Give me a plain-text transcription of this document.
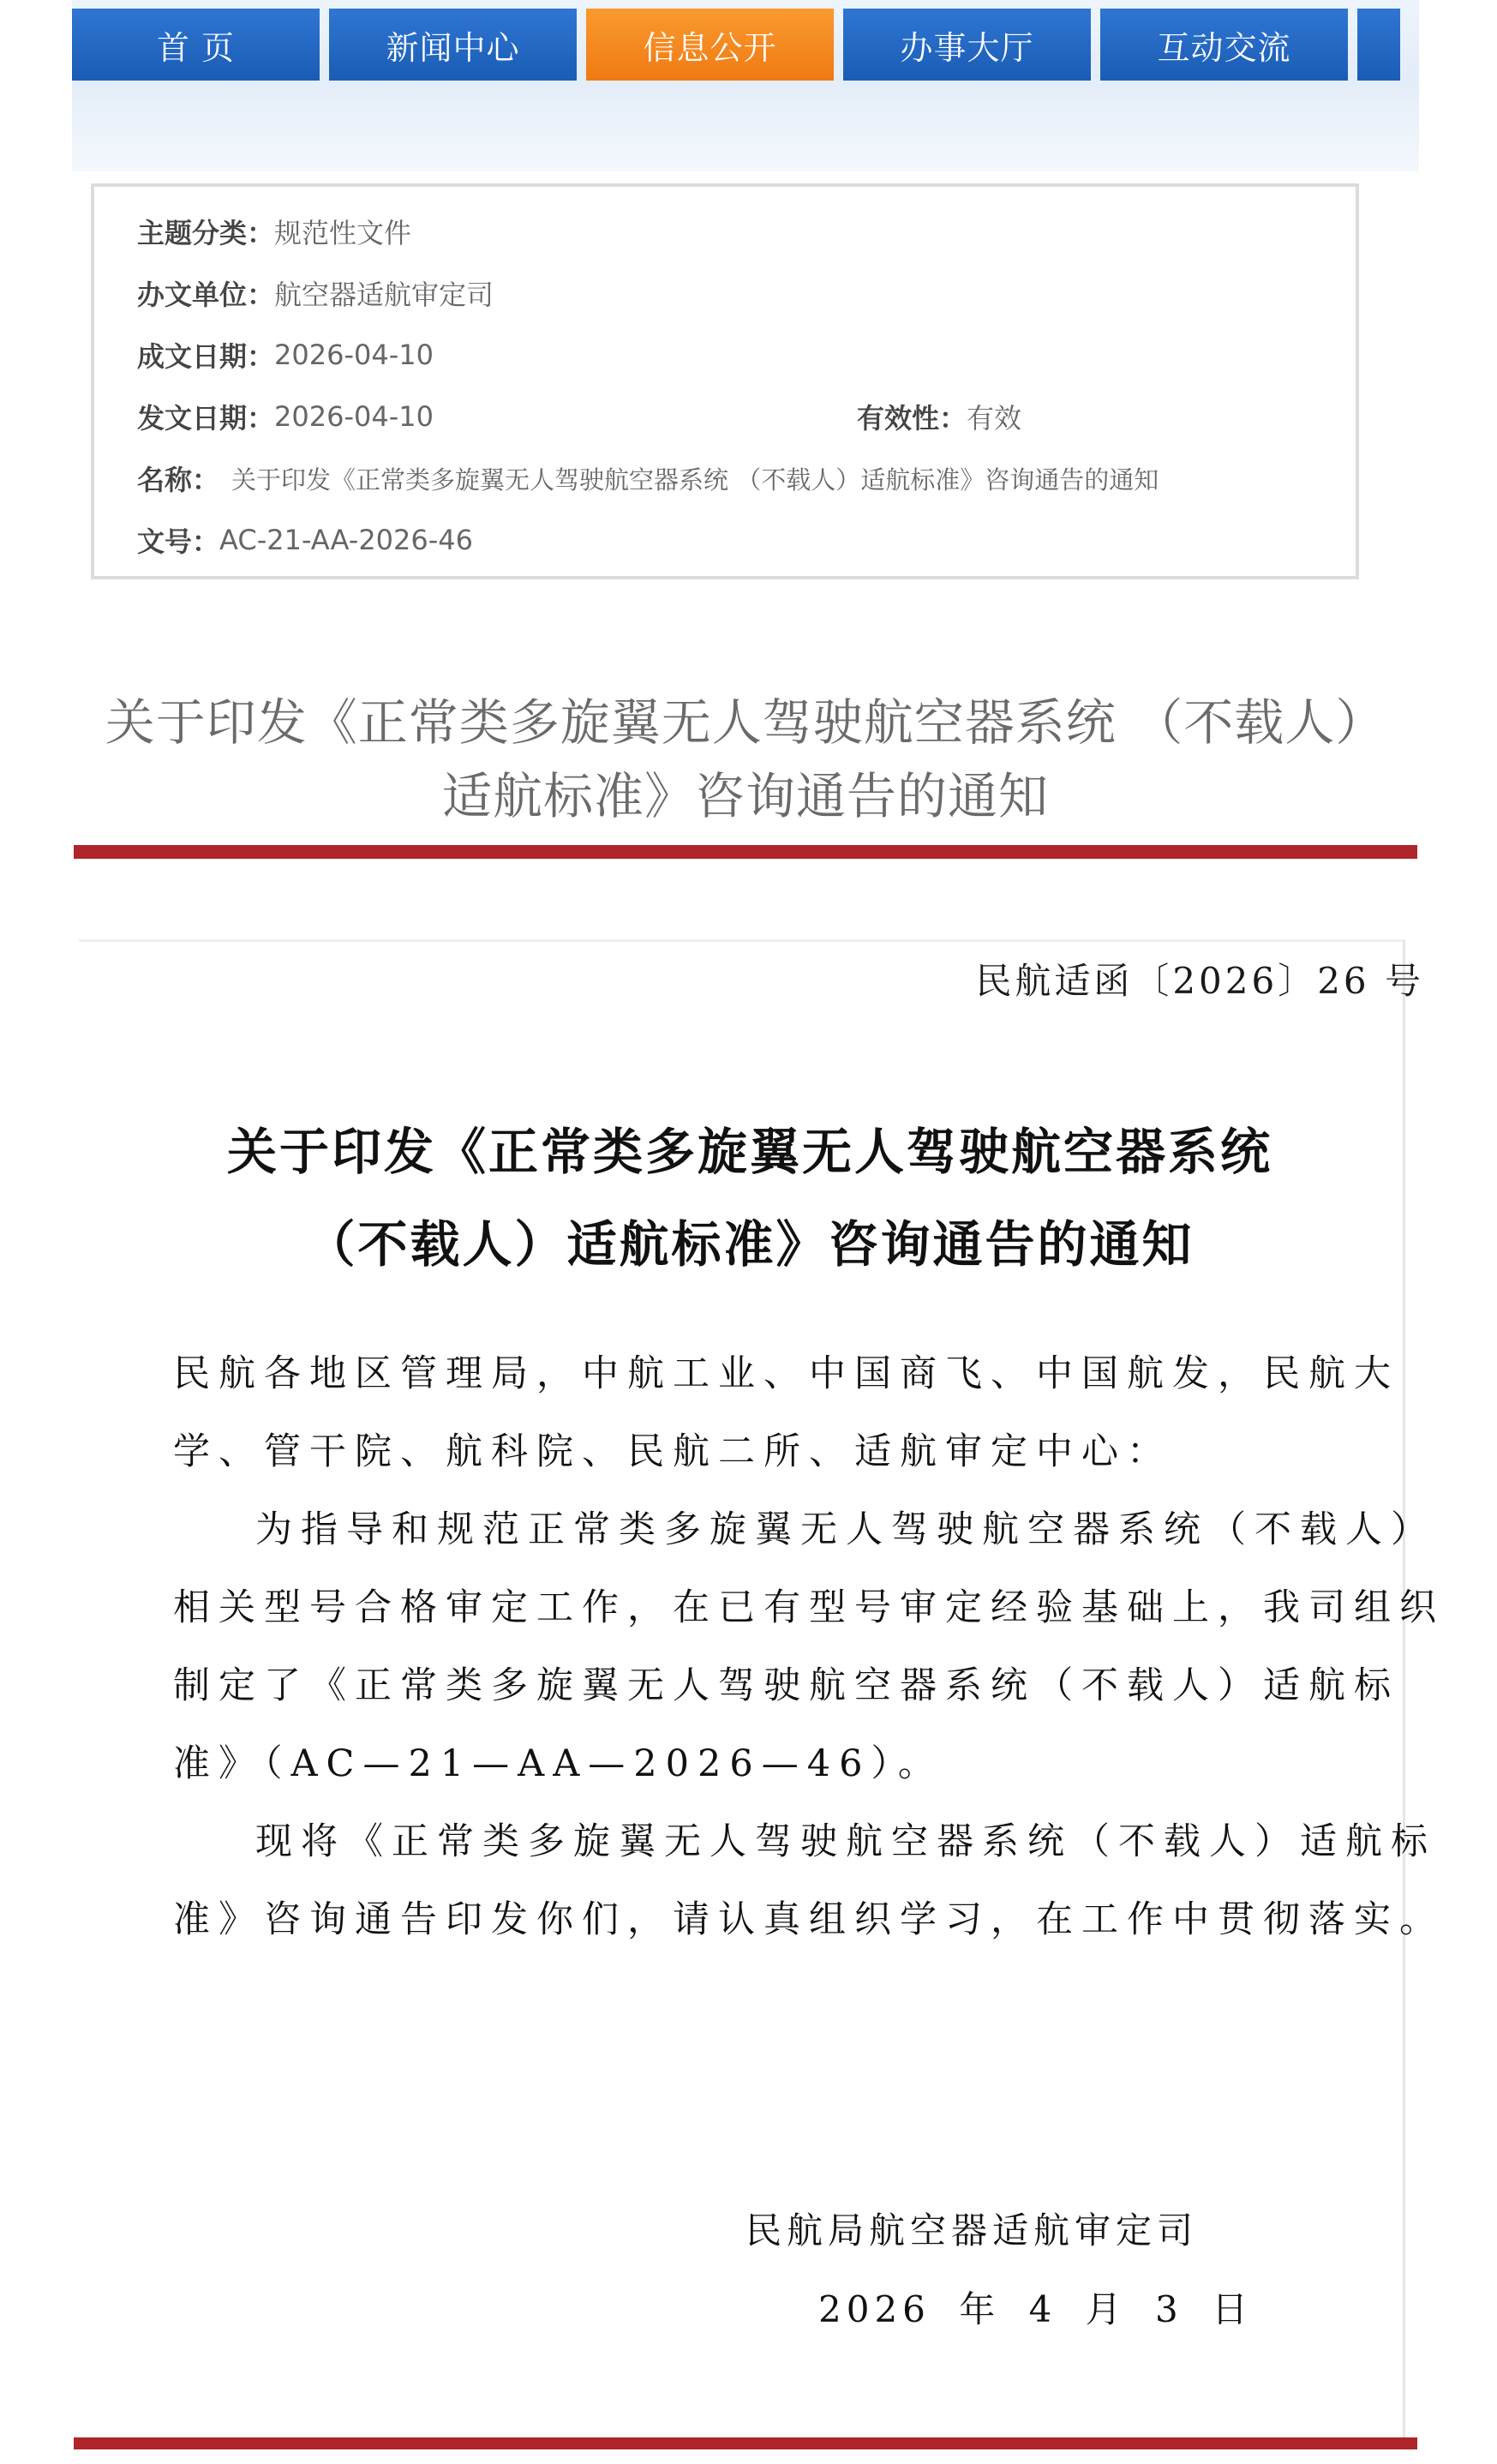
首 页	新闻中心	信息公开	办事大厅	互动交流
主题分类： 规范性文件
办文单位： 航空器适航审定司
成文日期： 2026-04-10
发文日期： 2026-04-10	有效性： 有效
名称： 关于印发《正常类多旋翼无人驾驶航空器系统 （不载人）适航标准》咨询通告的通知
文号： AC-21-AA-2026-46
关于印发《正常类多旋翼无人驾驶航空器系统 （不载人）
适航标准》咨询通告的通知
民航适函〔2026〕26 号
关于印发《正常类多旋翼无人驾驶航空器系统
（不载人）适航标准》咨询通告的通知
民航各地区管理局，中航工业、中国商飞、中国航发，民航大
学、管干院、航科院、民航二所、适航审定中心：
为指导和规范正常类多旋翼无人驾驶航空器系统（不载人）
相关型号合格审定工作，在已有型号审定经验基础上，我司组织
制定了《正常类多旋翼无人驾驶航空器系统（不载人）适航标
准》（AC—21—AA—2026—46）。
现将《正常类多旋翼无人驾驶航空器系统（不载人）适航标
准》咨询通告印发你们，请认真组织学习，在工作中贯彻落实。
民航局航空器适航审定司
2026 年 4 月 3 日
